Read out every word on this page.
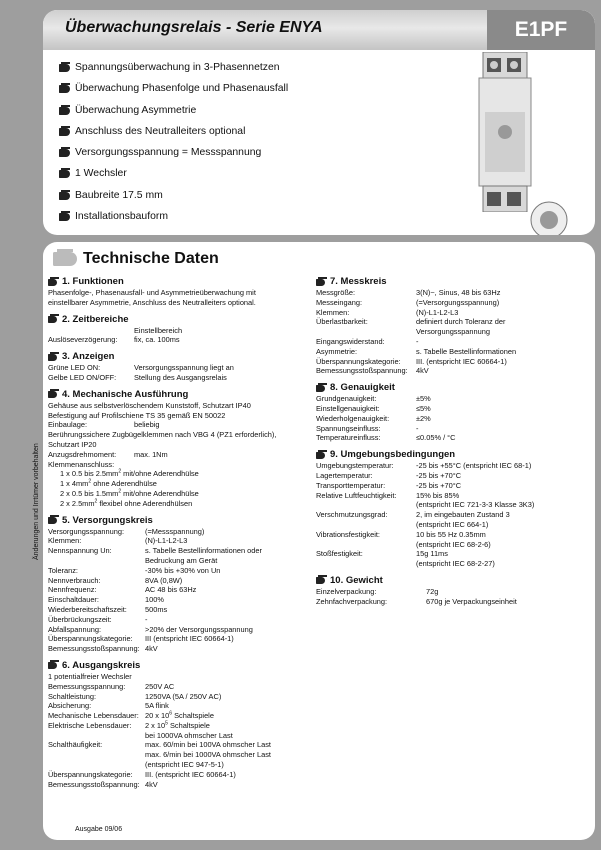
Überwachungsrelais - Serie ENYA	E1PF
Spannungsüberwachung in 3-Phasennetzen
Überwachung Phasenfolge und Phasenausfall
Überwachung Asymmetrie
Anschluss des Neutralleiters optional
Versorgungsspannung = Messspannung
1 Wechsler
Baubreite 17.5 mm
Installationsbauform
Technische Daten
1. Funktionen
Phasenfolge-, Phasenausfall- und Asymmetrieüberwachung mit
einstellbarer Asymmetrie, Anschluss des Neutralleiters optional.
2. Zeitbereiche
Einstellbereich
Auslöseverzögerung:	fix, ca. 100ms
3. Anzeigen
Grüne LED ON:	Versorgungsspannung liegt an
Gelbe LED ON/OFF:	Stellung des Ausgangsrelais
4. Mechanische Ausführung
Gehäuse aus selbstverlöschendem Kunststoff, Schutzart IP40
Befestigung auf Profilschiene TS 35 gemäß EN 50022
Einbaulage:	beliebig
Berührungssichere Zugbügelklemmen nach VBG 4 (PZ1 erforderlich),
Schutzart IP20
Anzugsdrehmoment:	max. 1Nm
Klemmenanschluss:
1 x 0.5 bis $2.5mm^2$ mit/ohne Aderendhülse
1 x $4mm^2$ ohne Aderendhülse
2 x 0.5 bis $1.5mm^2$ mit/ohne Aderendhülse
2 x $2.5mm^2$ flexibel ohne Aderendhülsen
5. Versorgungskreis
Versorgungsspannung:	(=Messspannung)
Klemmen:	(N)-L1-L2-L3
Nennspannung Un:	s. Tabelle Bestellinformationen oder
Bedruckung am Gerät
Toleranz:	-30% bis +30% von Un
Nennverbrauch:	8VA (0,8W)
Nennfrequenz:	AC 48 bis 63Hz
Einschaltdauer:	100%
Wiederbereitschaftszeit:	500ms
Überbrückungszeit:	-
Abfallspannung:	>20% der Versorgungsspannung
Überspannungskategorie:	III (entspricht IEC 60664-1)
Bemessungsstoßspannung: 4kV
6. Ausgangskreis
1 potentialfreier Wechsler
Bemessungsspannung:	250V AC
Schaltleistung:	1250VA (5A / 250V AC)
Absicherung:	5A flink
Mechanische Lebensdauer: 20 x $10^6$ Schaltspiele
Elektrische Lebensdauer:	2 x $10^5$ Schaltspiele
bei 1000VA ohmscher Last
Schalthäufigkeit:	max. 60/min bei 100VA ohmscher Last
max. 6/min bei 1000VA ohmscher Last
(entspricht IEC 947-5-1)
Überspannungskategorie:	III. (entspricht IEC 60664-1)
Bemessungsstoßspannung: 4kV
7. Messkreis
Messgröße:	3(N)~, Sinus, 48 bis 63Hz
Messeingang:	(=Versorgungsspannung)
Klemmen:	(N)-L1-L2-L3
Überlastbarkeit:	definiert durch Toleranz der
Versorgungsspannung
Eingangswiderstand:	-
Asymmetrie:	s. Tabelle Bestellinformationen
Überspannungskategorie:	III. (entspricht IEC 60664-1)
Bemessungsstoßspannung:	4kV
8. Genauigkeit
Grundgenauigkeit:	±5%
Einstellgenauigkeit:	≤5%
Wiederholgenauigkeit:	±2%
Spannungseinfluss:	-
Temperatureinfluss:	≤0.05% / °C
9. Umgebungsbedingungen
Umgebungstemperatur:	-25 bis +55°C (entspricht IEC 68-1)
Lagertemperatur:	-25 bis +70°C
Transporttemperatur:	-25 bis +70°C
Relative Luftfeuchtigkeit:	15% bis 85%
(entspricht IEC 721-3-3 Klasse 3K3)
Verschmutzungsgrad:	2, im eingebauten Zustand 3
(entspricht IEC 664-1)
Vibrationsfestigkeit:	10 bis 55 Hz 0.35mm
(entspricht IEC 68-2-6)
Stoßfestigkeit:	15g 11ms
(entspricht IEC 68-2-27)
10. Gewicht
Einzelverpackung:	72g
Zehnfachverpackung:	670g je Verpackungseinheit
Änderungen und Irrtümer vorbehalten
Ausgabe 09/06
